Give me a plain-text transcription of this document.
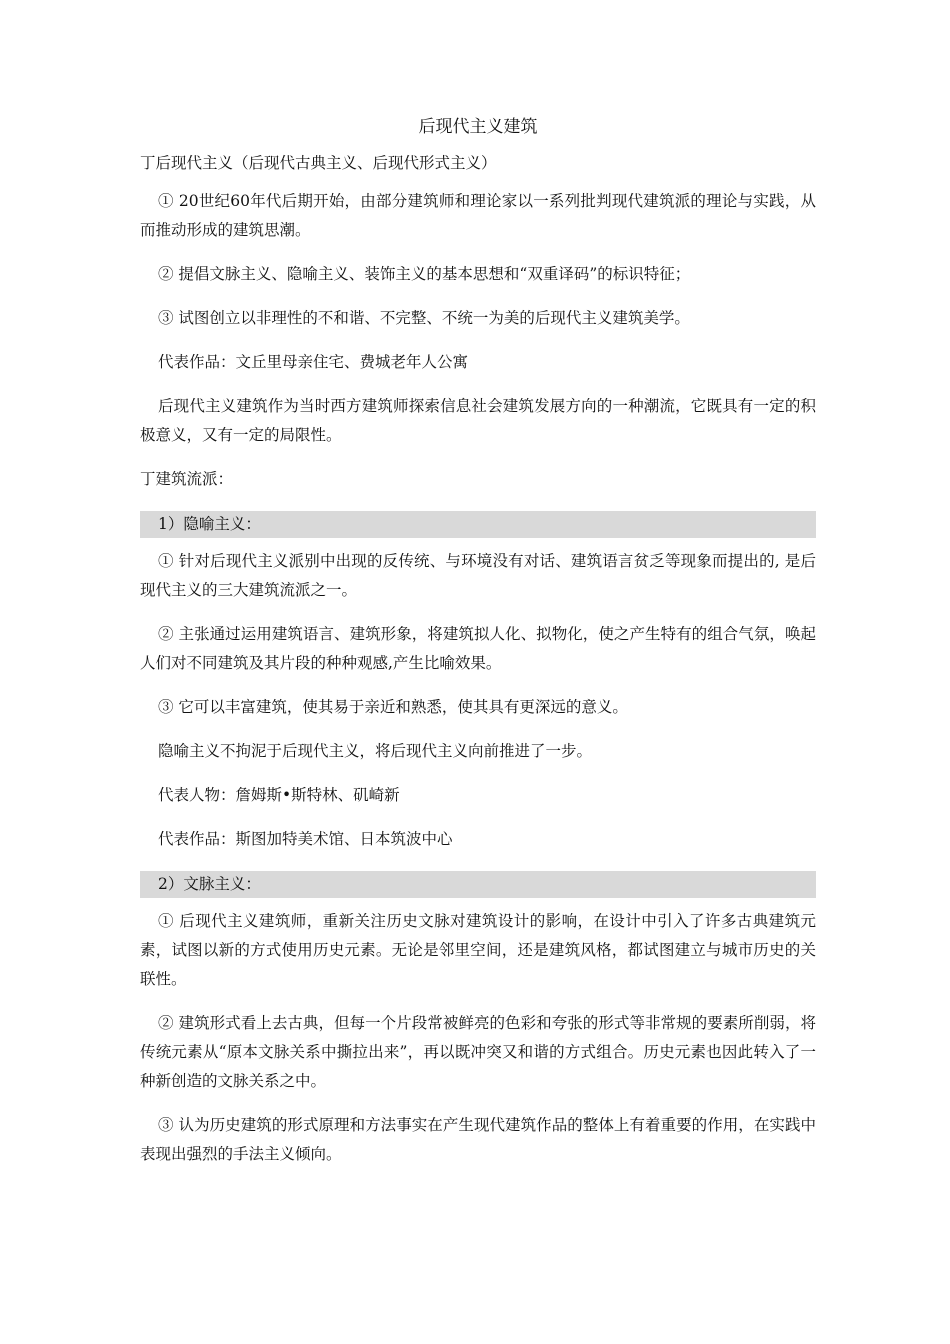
后现代主义建筑

丁后现代主义（后现代古典主义、后现代形式主义）

① 20世纪60年代后期开始，由部分建筑师和理论家以一系列批判现代建筑派的理论与实践，从而推动形成的建筑思潮。

② 提倡文脉主义、隐喻主义、装饰主义的基本思想和“双重译码”的标识特征；

③ 试图创立以非理性的不和谐、不完整、不统一为美的后现代主义建筑美学。

代表作品：文丘里母亲住宅、费城老年人公寓

后现代主义建筑作为当时西方建筑师探索信息社会建筑发展方向的一种潮流，它既具有一定的积极意义，又有一定的局限性。

丁建筑流派：

1）隐喻主义：

① 针对后现代主义派别中出现的反传统、与环境没有对话、建筑语言贫乏等现象而提出的, 是后现代主义的三大建筑流派之一。

② 主张通过运用建筑语言、建筑形象，将建筑拟人化、拟物化，使之产生特有的组合气氛，唤起人们对不同建筑及其片段的种种观感,产生比喻效果。

③ 它可以丰富建筑，使其易于亲近和熟悉，使其具有更深远的意义。

隐喻主义不拘泥于后现代主义，将后现代主义向前推进了一步。

代表人物：詹姆斯•斯特林、矶崎新

代表作品：斯图加特美术馆、日本筑波中心

2）文脉主义：

① 后现代主义建筑师，重新关注历史文脉对建筑设计的影响，在设计中引入了许多古典建筑元素，试图以新的方式使用历史元素。无论是邻里空间，还是建筑风格，都试图建立与城市历史的关联性。

② 建筑形式看上去古典，但每一个片段常被鲜亮的色彩和夸张的形式等非常规的要素所削弱，将传统元素从“原本文脉关系中撕拉出来”，再以既冲突又和谐的方式组合。历史元素也因此转入了一种新创造的文脉关系之中。

③ 认为历史建筑的形式原理和方法事实在产生现代建筑作品的整体上有着重要的作用，在实践中表现出强烈的手法主义倾向。
